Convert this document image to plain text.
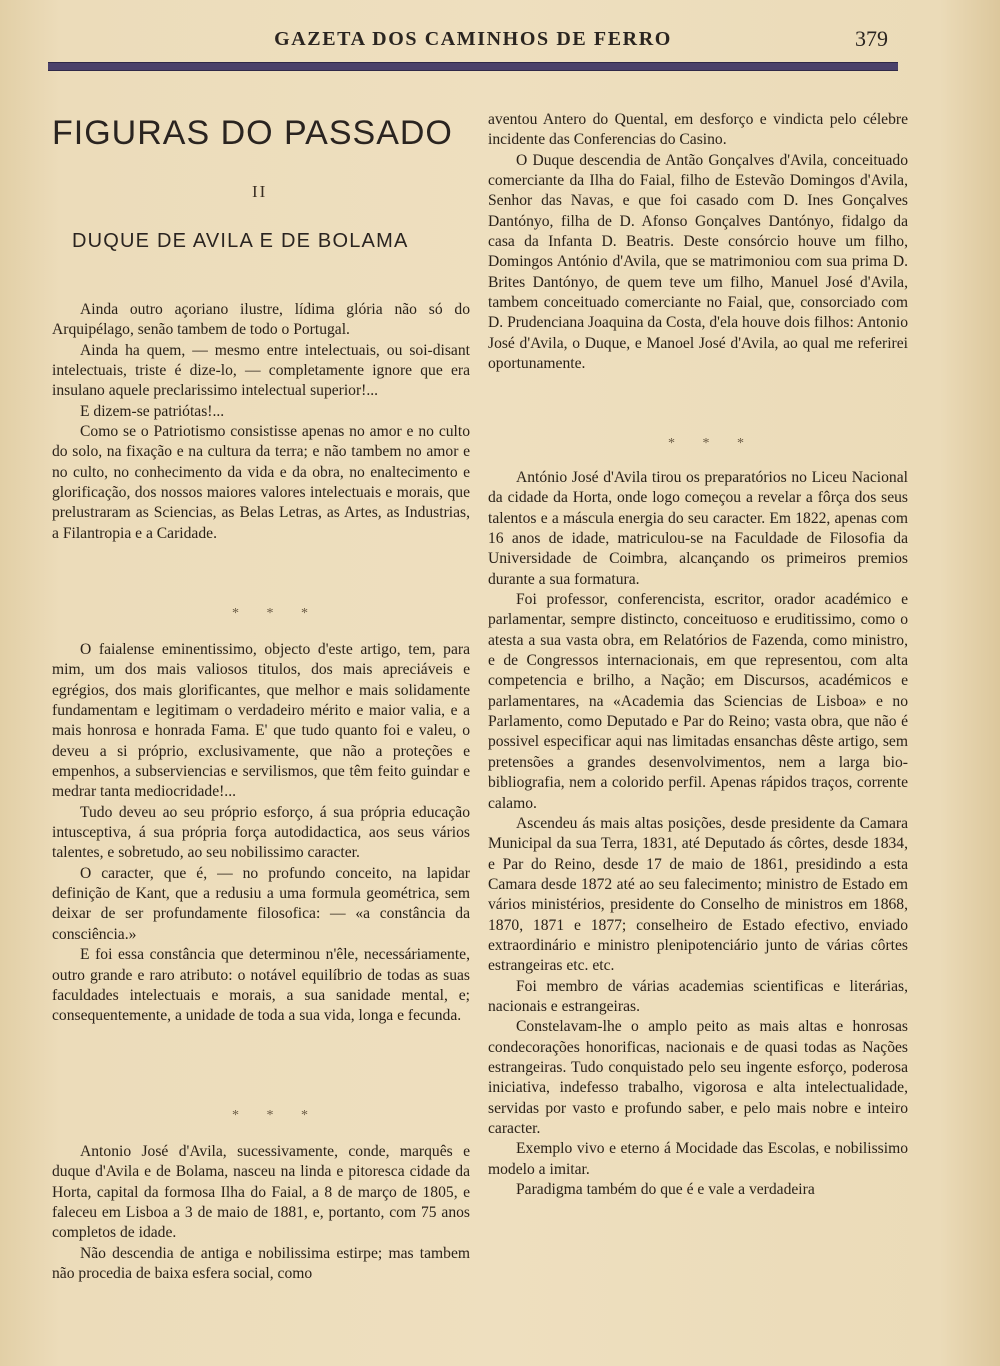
GAZETA DOS CAMINHOS DE FERRO	379
FIGURAS DO PASSADO
II
DUQUE DE AVILA E DE BOLAMA
Ainda outro açoriano ilustre, lídima glória não só do Arquipélago, senão tambem de todo o Portugal.
Ainda ha quem, — mesmo entre intelectuais, ou soi-disant intelectuais, triste é dize-lo, — completamente ignore que era insulano aquele preclarissimo intelectual superior!...
E dizem-se patriótas!...
Como se o Patriotismo consistisse apenas no amor e no culto do solo, na fixação e na cultura da terra; e não tambem no amor e no culto, no conhecimento da vida e da obra, no enaltecimento e glorificação, dos nossos maiores valores intelectuais e morais, que prelustraram as Sciencias, as Belas Letras, as Artes, as Industrias, a Filantropia e a Caridade.
* * *
O faialense eminentissimo, objecto d'este artigo, tem, para mim, um dos mais valiosos titulos, dos mais apreciáveis e egrégios, dos mais glorificantes, que melhor e mais solidamente fundamentam e legitimam o verdadeiro mérito e maior valia, e a mais honrosa e honrada Fama. E' que tudo quanto foi e valeu, o deveu a si próprio, exclusivamente, que não a proteções e empenhos, a subserviencias e servilismos, que têm feito guindar e medrar tanta mediocridade!...
Tudo deveu ao seu próprio esforço, á sua própria educação intusceptiva, á sua própria força autodidactica, aos seus vários talentes, e sobretudo, ao seu nobilissimo caracter.
O caracter, que é, — no profundo conceito, na lapidar definição de Kant, que a redusiu a uma formula geométrica, sem deixar de ser profundamente filosofica: — «a constância da consciência.»
E foi essa constância que determinou n'êle, necessáriamente, outro grande e raro atributo: o notável equilíbrio de todas as suas faculdades intelectuais e morais, a sua sanidade mental, e; consequentemente, a unidade de toda a sua vida, longa e fecunda.
* * *
Antonio José d'Avila, sucessivamente, conde, marquês e duque d'Avila e de Bolama, nasceu na linda e pitoresca cidade da Horta, capital da formosa Ilha do Faial, a 8 de março de 1805, e faleceu em Lisboa a 3 de maio de 1881, e, portanto, com 75 anos completos de idade.
Não descendia de antiga e nobilissima estirpe; mas tambem não procedia de baixa esfera social, como
aventou Antero do Quental, em desforço e vindicta pelo célebre incidente das Conferencias do Casino.
O Duque descendia de Antão Gonçalves d'Avila, conceituado comerciante da Ilha do Faial, filho de Estevão Domingos d'Avila, Senhor das Navas, e que foi casado com D. Ines Gonçalves Dantónyo, filha de D. Afonso Gonçalves Dantónyo, fidalgo da casa da Infanta D. Beatris. Deste consórcio houve um filho, Domingos António d'Avila, que se matrimoniou com sua prima D. Brites Dantónyo, de quem teve um filho, Manuel José d'Avila, tambem conceituado comerciante no Faial, que, consorciado com D. Prudenciana Joaquina da Costa, d'ela houve dois filhos: Antonio José d'Avila, o Duque, e Manoel José d'Avila, ao qual me referirei oportunamente.
* * *
António José d'Avila tirou os preparatórios no Liceu Nacional da cidade da Horta, onde logo começou a revelar a fôrça dos seus talentos e a máscula energia do seu caracter. Em 1822, apenas com 16 anos de idade, matriculou-se na Faculdade de Filosofia da Universidade de Coimbra, alcançando os primeiros premios durante a sua formatura.
Foi professor, conferencista, escritor, orador académico e parlamentar, sempre distincto, conceituoso e eruditissimo, como o atesta a sua vasta obra, em Relatórios de Fazenda, como ministro, e de Congressos internacionais, em que representou, com alta competencia e brilho, a Nação; em Discursos, académicos e parlamentares, na «Academia das Sciencias de Lisboa» e no Parlamento, como Deputado e Par do Reino; vasta obra, que não é possivel especificar aqui nas limitadas ensanchas dêste artigo, sem pretensões a grandes desenvolvimentos, nem a larga bio-bibliografia, nem a colorido perfil. Apenas rápidos traços, corrente calamo.
Ascendeu ás mais altas posições, desde presidente da Camara Municipal da sua Terra, 1831, até Deputado ás côrtes, desde 1834, e Par do Reino, desde 17 de maio de 1861, presidindo a esta Camara desde 1872 até ao seu falecimento; ministro de Estado em vários ministérios, presidente do Conselho de ministros em 1868, 1870, 1871 e 1877; conselheiro de Estado efectivo, enviado extraordinário e ministro plenipotenciário junto de várias côrtes estrangeiras etc. etc.
Foi membro de várias academias scientificas e literárias, nacionais e estrangeiras.
Constelavam-lhe o amplo peito as mais altas e honrosas condecorações honorificas, nacionais e de quasi todas as Nações estrangeiras. Tudo conquistado pelo seu ingente esforço, poderosa iniciativa, indefesso trabalho, vigorosa e alta intelectualidade, servidas por vasto e profundo saber, e pelo mais nobre e inteiro caracter.
Exemplo vivo e eterno á Mocidade das Escolas, e nobilissimo modelo a imitar.
Paradigma também do que é e vale a verdadeira
